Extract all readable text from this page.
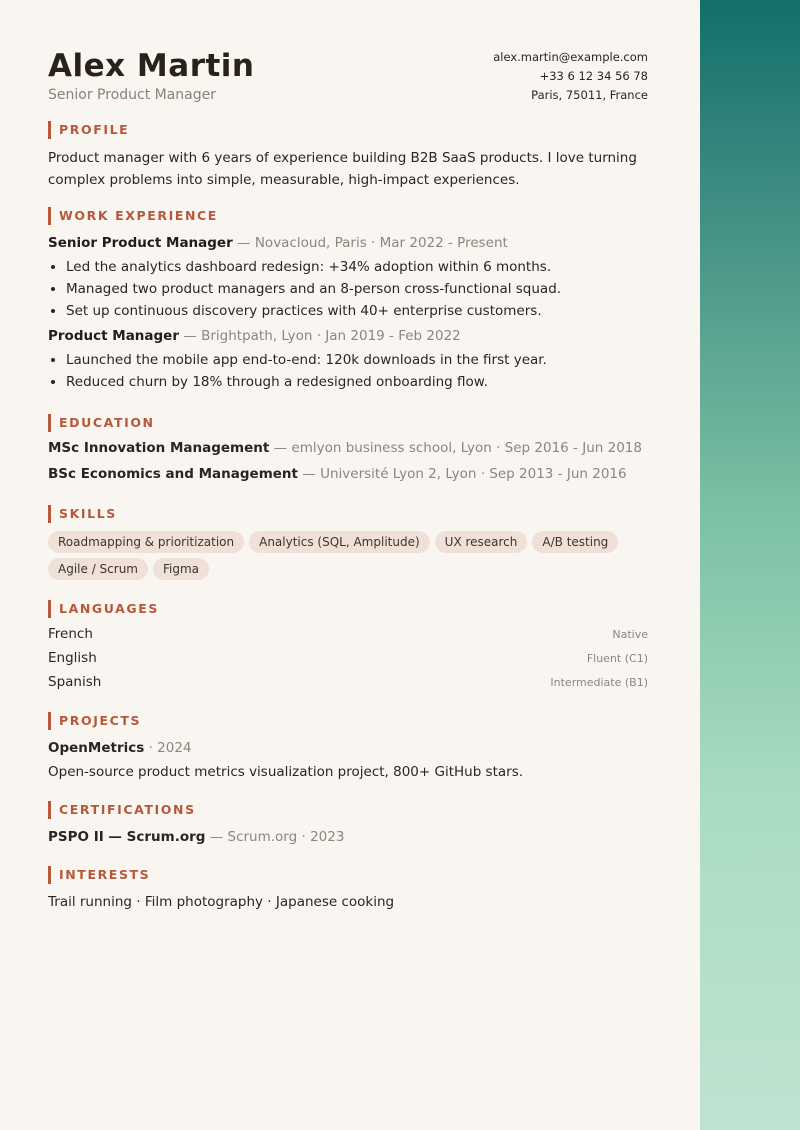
Alex Martin
Senior Product Manager
alex.martin@example.com
+33 6 12 34 56 78
Paris, 75011, France
PROFILE
Product manager with 6 years of experience building B2B SaaS products. I love turning complex problems into simple, measurable, high-impact experiences.
WORK EXPERIENCE
Senior Product Manager — Novacloud, Paris · Mar 2022 - Present
• Led the analytics dashboard redesign: +34% adoption within 6 months.
• Managed two product managers and an 8-person cross-functional squad.
• Set up continuous discovery practices with 40+ enterprise customers.
Product Manager — Brightpath, Lyon · Jan 2019 - Feb 2022
• Launched the mobile app end-to-end: 120k downloads in the first year.
• Reduced churn by 18% through a redesigned onboarding flow.
EDUCATION
MSc Innovation Management — emlyon business school, Lyon · Sep 2016 - Jun 2018
BSc Economics and Management — Université Lyon 2, Lyon · Sep 2013 - Jun 2016
SKILLS
Roadmapping & prioritization	Analytics (SQL, Amplitude)	UX research	A/B testing
Agile / Scrum	Figma
LANGUAGES
French	Native
English	Fluent (C1)
Spanish	Intermediate (B1)
PROJECTS
OpenMetrics · 2024
Open-source product metrics visualization project, 800+ GitHub stars.
CERTIFICATIONS
PSPO II — Scrum.org — Scrum.org · 2023
INTERESTS
Trail running · Film photography · Japanese cooking
